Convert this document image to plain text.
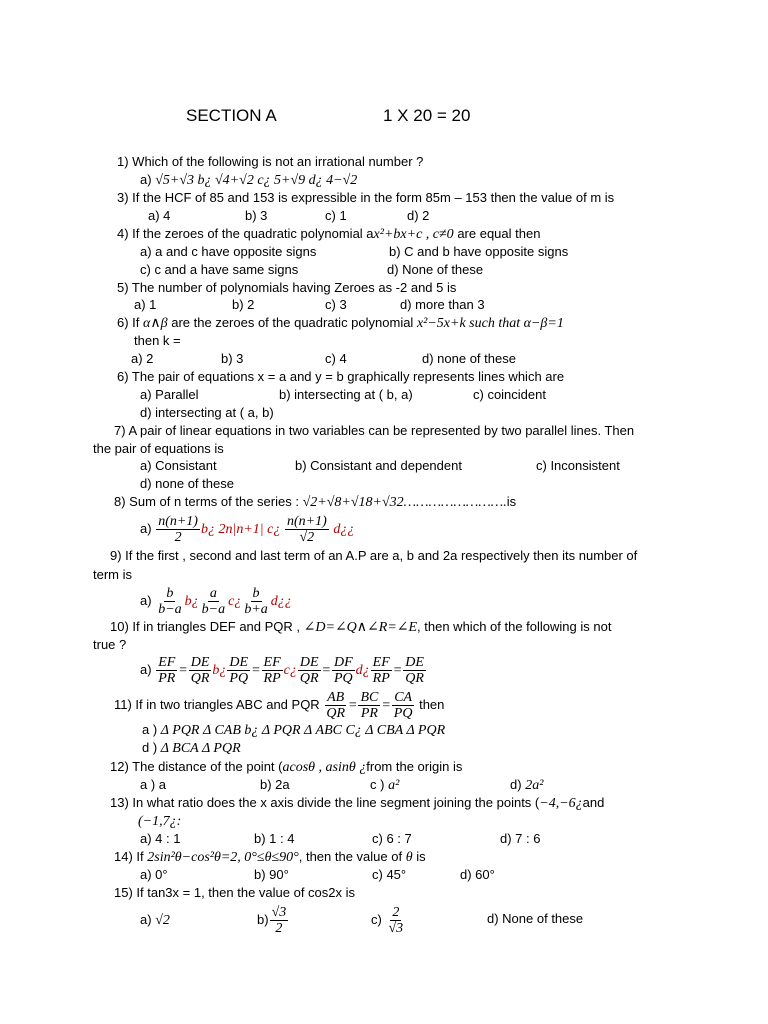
SECTION A	1 X 20 = 20
1) Which of the following is not an irrational number ?
a) √5+√3 b¿ √4+√2 c¿ 5+√9 d¿ 4−√2
3) If the HCF of 85 and 153 is expressible in the form 85m – 153 then the value of m is
a) 4	b) 3	c) 1	d) 2
4) If the zeroes of the quadratic polynomial ax²+bx+c , c≠0 are equal then
a) a and c have opposite signs	b) C and b have opposite signs
c) c and a have same signs	d) None of these
5) The number of polynomials having Zeroes as -2 and 5 is
a) 1	b) 2	c) 3	d) more than 3
6) If α∧β are the zeroes of the quadratic polynomial x²−5x+k such that α−β=1
then k =
a) 2	b) 3	c) 4	d) none of these
6) The pair of equations x = a and y = b graphically represents lines which are
a) Parallel	b) intersecting at ( b, a)	c) coincident
d) intersecting at ( a, b)
7) A pair of linear equations in two variables can be represented by two parallel lines. Then
the pair of equations is
a) Consistant	b) Consistant and dependent	c) Inconsistent
d) none of these
8) Sum of n terms of the series : √2+√8+√18+√32…………………….is
$a) \frac{n(n+1)}{2}$ b¿ 2n|n+1| c¿ $\frac{n(n+1)}{√2}$ d¿¿
9) If the first , second and last term of an A.P are a, b and 2a respectively then its number of
term is
$a) \frac{b}{b-a}$ b¿ $\frac{a}{b-a}$ c¿ $\frac{b}{b+a}$ d¿¿
10) If in triangles DEF and PQR , ∠D=∠Q∧∠R=∠E, then which of the following is not
true ?
$a) \frac{EF}{PR} = \frac{DE}{QR}$ b¿ $\frac{DE}{PQ} = \frac{EF}{RP}$ c¿ $\frac{DE}{QR} = \frac{DF}{PQ}$ d¿ $\frac{EF}{RP} = \frac{DE}{QR}$
11) If in two triangles ABC and PQR $\frac{AB}{QR} = \frac{BC}{PR} = \frac{CA}{PQ}$ then
a ) Δ PQR Δ CAB b¿ Δ PQR Δ ABC C¿ Δ CBA Δ PQR
d ) Δ BCA Δ PQR
12) The distance of the point (acosθ , asinθ ¿from the origin is
a ) a	b) 2a	c ) a²	d) 2a²
13) In what ratio does the x axis divide the line segment joining the points (−4,−6¿and
(−1,7¿:
a) 4 : 1	b) 1 : 4	c) 6 : 7	d) 7 : 6
14) If 2sin²θ−cos²θ=2, 0°≤θ≤90°, then the value of θ is
a) 0°	b) 90°	c) 45°	d) 60°
15) If tan3x = 1, then the value of cos2x is
a) √2	$b) \frac{√3}{2}$	$c) \frac{2}{√3}$	d) None of these
